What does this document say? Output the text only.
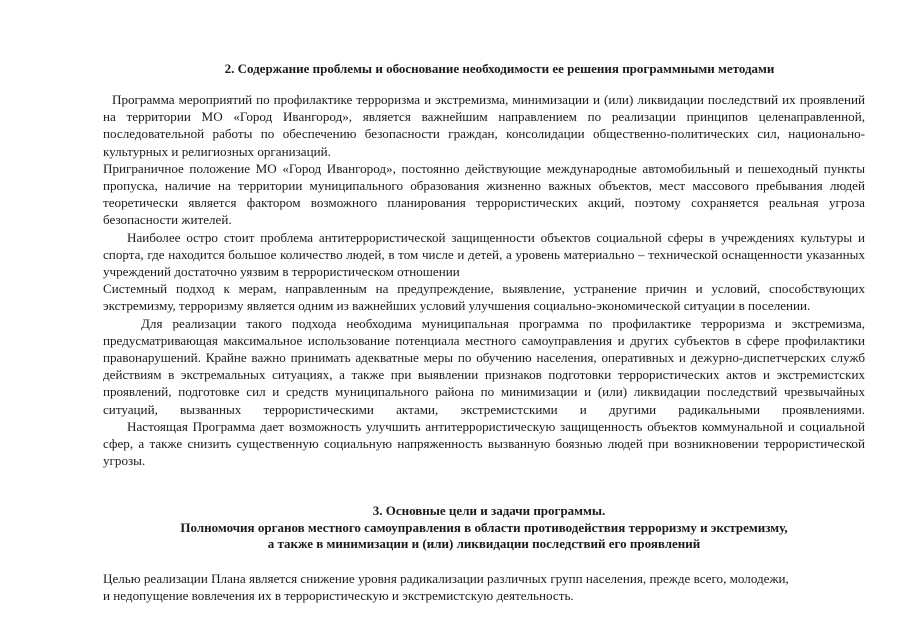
2. Содержание проблемы и обоснование необходимости ее решения программными методами

Программа мероприятий по профилактике терроризма и экстремизма, минимизации и (или) ликвидации последствий их проявлений на территории МО «Город Ивангород», является важнейшим направлением по реализации принципов целенаправленной, последовательной работы по обеспечению безопасности граждан, консолидации общественно-политических сил, национально-культурных и религиозных организаций.

Приграничное положение МО «Город Ивангород», постоянно действующие международные автомобильный и пешеходный пункты пропуска, наличие на территории муниципального образования жизненно важных объектов, мест массового пребывания людей теоретически является фактором возможного планирования террористических акций, поэтому сохраняется реальная угроза безопасности жителей.

Наиболее остро стоит проблема антитеррористической защищенности объектов социальной сферы в учреждениях культуры и спорта, где находится большое количество людей, в том числе и детей, а уровень материально – технической оснащенности указанных учреждений достаточно уязвим в террористическом отношении

Системный подход к мерам, направленным на предупреждение, выявление, устранение причин и условий, способствующих экстремизму, терроризму является одним из важнейших условий улучшения социально-экономической ситуации в поселении.

Для реализации такого подхода необходима муниципальная программа по профилактике терроризма и экстремизма, предусматривающая максимальное использование потенциала местного самоуправления и других субъектов в сфере профилактики правонарушений. Крайне важно принимать адекватные меры по обучению населения, оперативных и дежурно-диспетчерских служб действиям в экстремальных ситуациях, а также при выявлении признаков подготовки террористических актов и экстремистских проявлений, подготовке сил и средств муниципального района по минимизации и (или) ликвидации последствий чрезвычайных ситуаций, вызванных террористическими актами, экстремистскими и другими радикальными проявлениями.

Настоящая Программа дает возможность улучшить антитеррористическую защищенность объектов коммунальной и социальной сфер, а также снизить существенную социальную напряженность вызванную боязнью людей при возникновении террористической угрозы.

3. Основные цели и задачи программы.
Полномочия органов местного самоуправления в области противодействия терроризму и экстремизму,
а также в минимизации и (или) ликвидации последствий его проявлений

Целью реализации Плана является снижение уровня радикализации различных групп населения, прежде всего, молодежи,
и недопущение вовлечения их в террористическую и экстремистскую деятельность.
